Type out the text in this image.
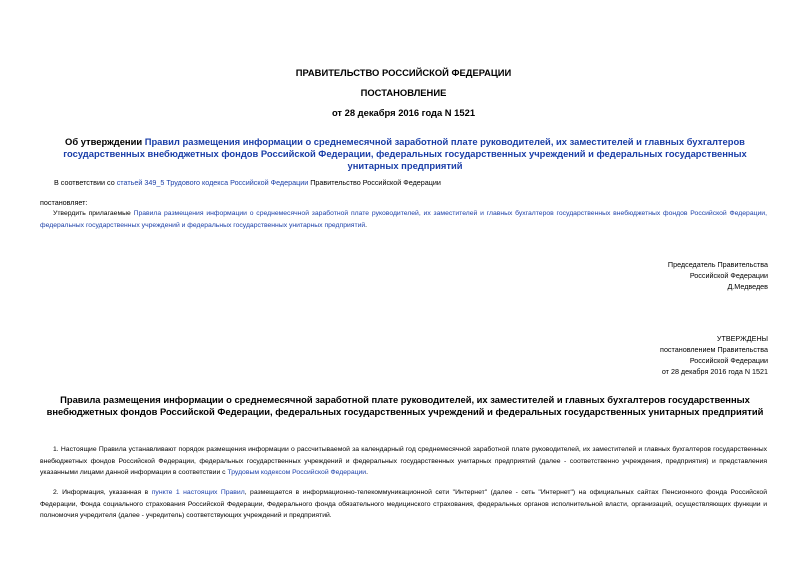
ПРАВИТЕЛЬСТВО РОССИЙСКОЙ ФЕДЕРАЦИИ
ПОСТАНОВЛЕНИЕ
от 28 декабря 2016 года N 1521
Об утверждении Правил размещения информации о среднемесячной заработной плате руководителей, их заместителей и главных бухгалтеров государственных внебюджетных фондов Российской Федерации, федеральных государственных учреждений и федеральных государственных унитарных предприятий
В соответствии со статьей 349_5 Трудового кодекса Российской Федерации Правительство Российской Федерации
постановляет:
Утвердить прилагаемые Правила размещения информации о среднемесячной заработной плате руководителей, их заместителей и главных бухгалтеров государственных внебюджетных фондов Российской Федерации, федеральных государственных учреждений и федеральных государственных унитарных предприятий.
Председатель Правительства
Российской Федерации
Д.Медведев
УТВЕРЖДЕНЫ
постановлением Правительства
Российской Федерации
от 28 декабря 2016 года N 1521
Правила размещения информации о среднемесячной заработной плате руководителей, их заместителей и главных бухгалтеров государственных внебюджетных фондов Российской Федерации, федеральных государственных учреждений и федеральных государственных унитарных предприятий
1. Настоящие Правила устанавливают порядок размещения информации о рассчитываемой за календарный год среднемесячной заработной плате руководителей, их заместителей и главных бухгалтеров государственных внебюджетных фондов Российской Федерации, федеральных государственных учреждений и федеральных государственных унитарных предприятий (далее - соответственно учреждения, предприятия) и представления указанными лицами данной информации в соответствии с Трудовым кодексом Российской Федерации.
2. Информация, указанная в пункте 1 настоящих Правил, размещается в информационно-телекоммуникационной сети "Интернет" (далее - сеть "Интернет") на официальных сайтах Пенсионного фонда Российской Федерации, Фонда социального страхования Российской Федерации, Федерального фонда обязательного медицинского страхования, федеральных органов исполнительной власти, организаций, осуществляющих функции и полномочия учредителя (далее - учредитель) соответствующих учреждений и предприятий.
